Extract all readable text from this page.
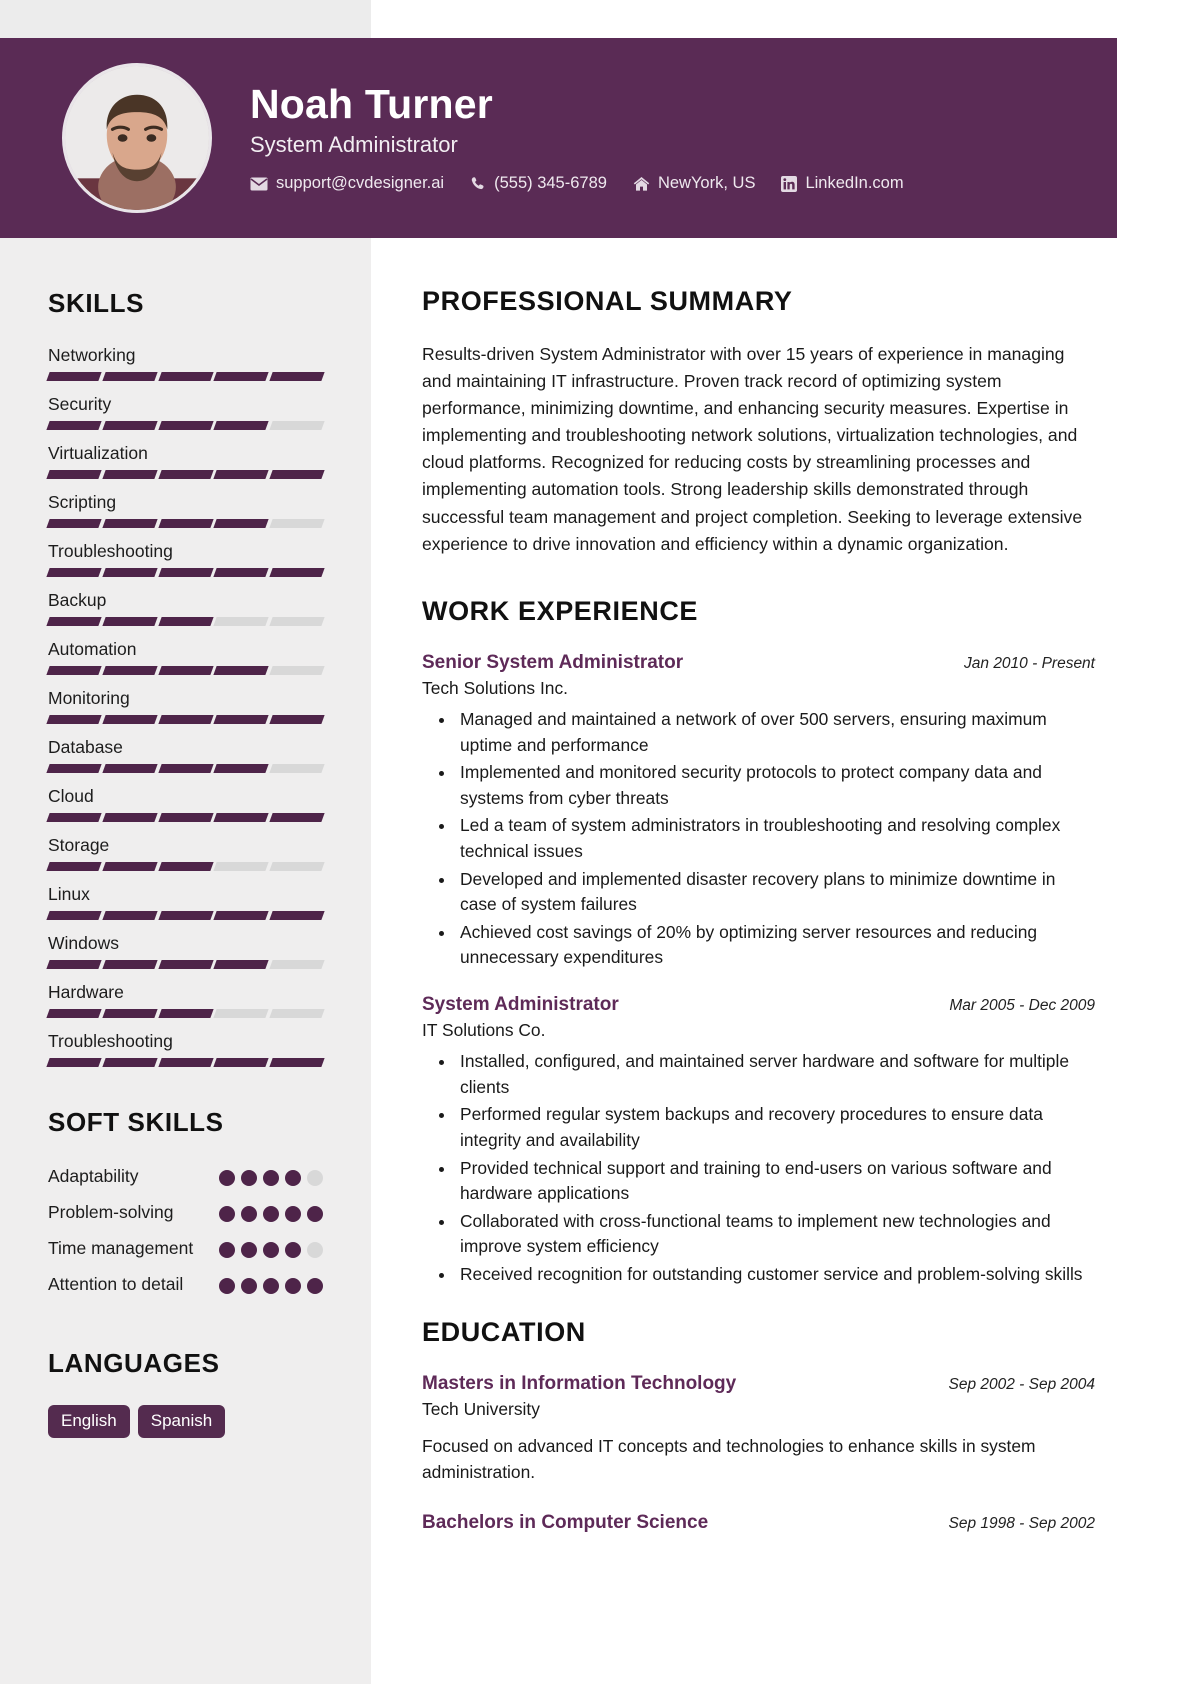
Noah Turner
System Administrator
support@cvdesigner.ai	(555) 345-6789	NewYork, US	LinkedIn.com
SKILLS
Networking
Security
Virtualization
Scripting
Troubleshooting
Backup
Automation
Monitoring
Database
Cloud
Storage
Linux
Windows
Hardware
Troubleshooting
SOFT SKILLS
Adaptability
Problem-solving
Time management
Attention to detail
LANGUAGES
English	Spanish
PROFESSIONAL SUMMARY

Results-driven System Administrator with over 15 years of experience in managing and maintaining IT infrastructure. Proven track record of optimizing system performance, minimizing downtime, and enhancing security measures. Expertise in implementing and troubleshooting network solutions, virtualization technologies, and cloud platforms. Recognized for reducing costs by streamlining processes and implementing automation tools. Strong leadership skills demonstrated through successful team management and project completion. Seeking to leverage extensive experience to drive innovation and efficiency within a dynamic organization.

WORK EXPERIENCE
Senior System Administrator	Jan 2010 - Present
Tech Solutions Inc.
• Managed and maintained a network of over 500 servers, ensuring maximum uptime and performance
• Implemented and monitored security protocols to protect company data and systems from cyber threats
• Led a team of system administrators in troubleshooting and resolving complex technical issues
• Developed and implemented disaster recovery plans to minimize downtime in case of system failures
• Achieved cost savings of 20% by optimizing server resources and reducing unnecessary expenditures
System Administrator	Mar 2005 - Dec 2009
IT Solutions Co.
• Installed, configured, and maintained server hardware and software for multiple clients
• Performed regular system backups and recovery procedures to ensure data integrity and availability
• Provided technical support and training to end-users on various software and hardware applications
• Collaborated with cross-functional teams to implement new technologies and improve system efficiency
• Received recognition for outstanding customer service and problem-solving skills
EDUCATION
Masters in Information Technology	Sep 2002 - Sep 2004
Tech University
Focused on advanced IT concepts and technologies to enhance skills in system administration.
Bachelors in Computer Science	Sep 1998 - Sep 2002
